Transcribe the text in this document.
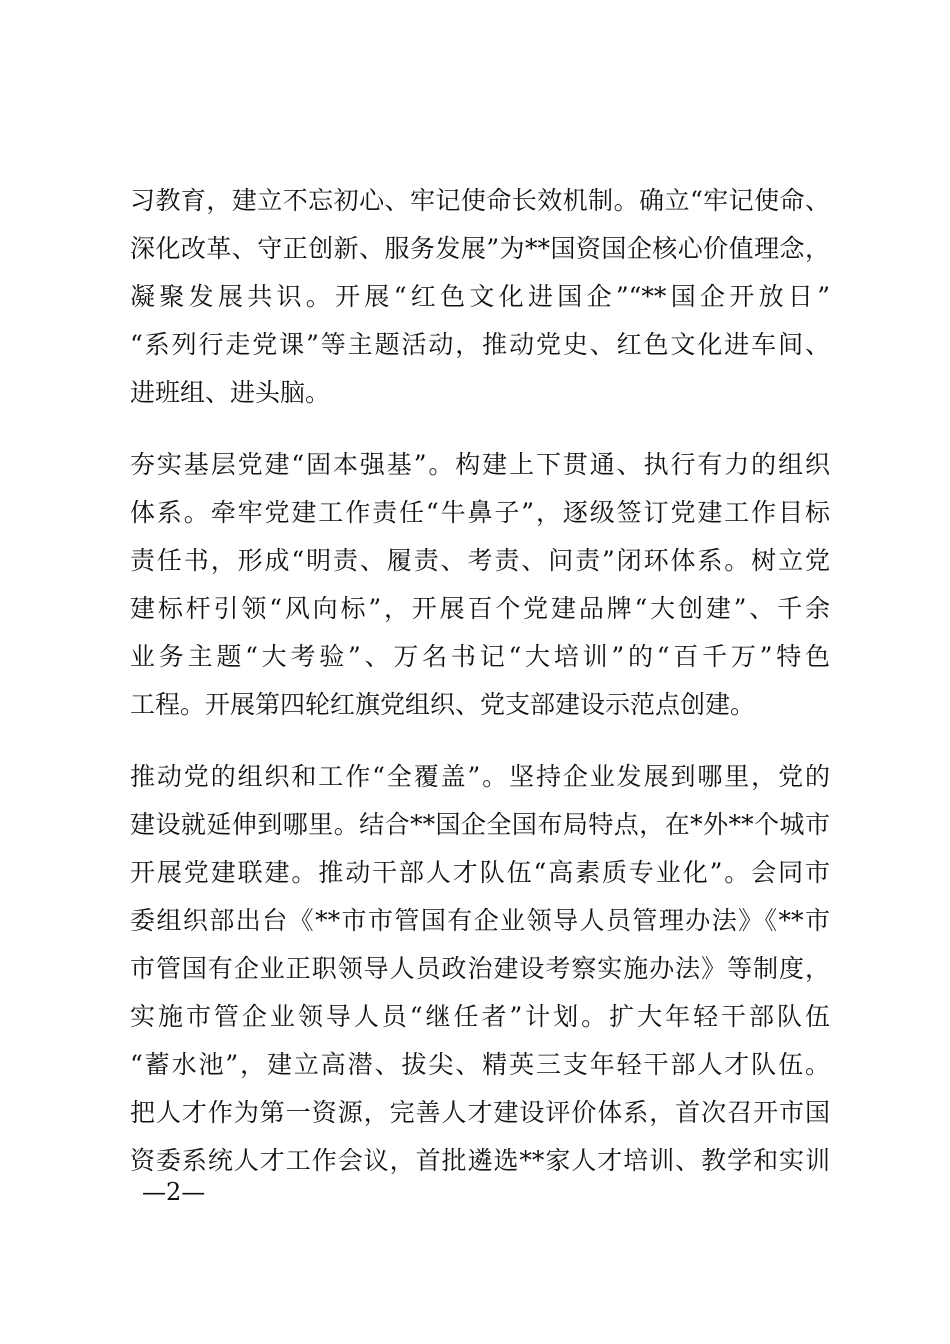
习教育，建立不忘初心、牢记使命长效机制。确立“牢记使命、
深化改革、守正创新、服务发展”为**国资国企核心价值理念，
凝聚发展共识。开展“红色文化进国企”“**国企开放日”
“系列行走党课”等主题活动，推动党史、红色文化进车间、
进班组、进头脑。
夯实基层党建“固本强基”。构建上下贯通、执行有力的组织
体系。牵牢党建工作责任“牛鼻子”，逐级签订党建工作目标
责任书，形成“明责、履责、考责、问责”闭环体系。树立党
建标杆引领“风向标”，开展百个党建品牌“大创建”、千余
业务主题“大考验”、万名书记“大培训”的“百千万”特色
工程。开展第四轮红旗党组织、党支部建设示范点创建。
推动党的组织和工作“全覆盖”。坚持企业发展到哪里，党的
建设就延伸到哪里。结合**国企全国布局特点，在*外**个城市
开展党建联建。推动干部人才队伍“高素质专业化”。会同市
委组织部出台《**市市管国有企业领导人员管理办法》《**市
市管国有企业正职领导人员政治建设考察实施办法》等制度，
实施市管企业领导人员“继任者”计划。扩大年轻干部队伍
“蓄水池”，建立高潜、拔尖、精英三支年轻干部人才队伍。
把人才作为第一资源，完善人才建设评价体系，首次召开市国
资委系统人才工作会议，首批遴选**家人才培训、教学和实训
—2—
